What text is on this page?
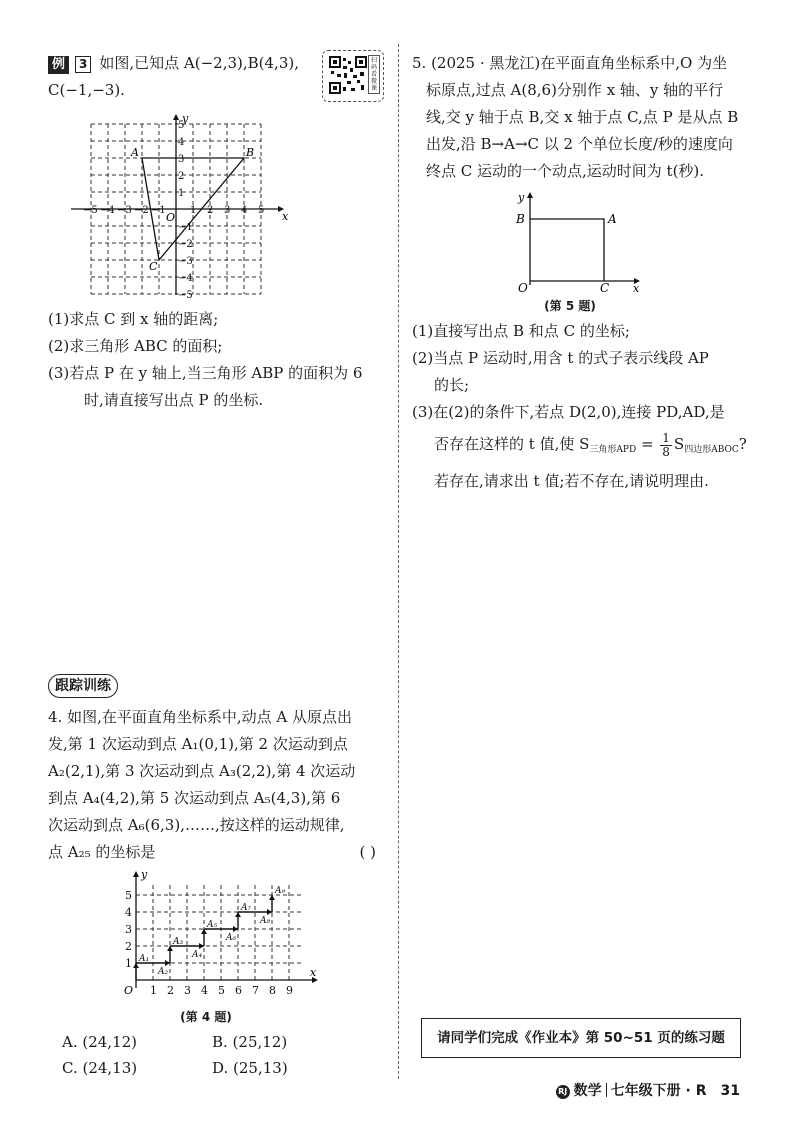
例 3 如图,已知点 A(−2,3),B(4,3),

C(−1,−3).

扫码看微课
x
y
O
−5 −4 −3 −2 −1 1 2 3 4 5
5
4
3
2
1
−1
−2
−3
−4
−5
A	B
C

(1)求点 C 到 x 轴的距离;

(2)求三角形 ABC 的面积;

(3)若点 P 在 y 轴上,当三角形 ABP 的面积为 6

时,请直接写出点 P 的坐标.

跟踪训练

4. 如图,在平面直角坐标系中,动点 A 从原点出

发,第 1 次运动到点 A₁(0,1),第 2 次运动到点

A₂(2,1),第 3 次运动到点 A₃(2,2),第 4 次运动

到点 A₄(4,2),第 5 次运动到点 A₅(4,3),第 6

次运动到点 A₆(6,3),……,按这样的运动规律,

点 A₂₅ 的坐标是	( )

x
y
O 1 2 3 4 5 6 7 8 9
1
2
3
4
5
A₁
A₂
A₃
A₄
A₅
A₆
A₇
A₈
A₉
(第 4 题)
A. (24,12)	B. (25,12)
C. (24,13)	D. (25,13)

5. (2025 · 黑龙江)在平面直角坐标系中,O 为坐

标原点,过点 A(8,6)分别作 x 轴、y 轴的平行

线,交 y 轴于点 B,交 x 轴于点 C,点 P 是从点 B

出发,沿 B→A→C 以 2 个单位长度/秒的速度向

终点 C 运动的一个动点,运动时间为 t(秒).

y
x
O
B	A
C
(第 5 题)

(1)直接写出点 B 和点 C 的坐标;

(2)当点 P 运动时,用含 t 的式子表示线段 AP

的长;

(3)在(2)的条件下,若点 D(2,0),连接 PD,AD,是

否存在这样的 t 值,使 $S_{三角形APD} = \frac{1}{8} S_{四边形ABOC}$?

若存在,请求出 t 值;若不存在,请说明理由.

请同学们完成《作业本》第 50~51 页的练习题
RJ 数学 七年级下册 · R 31
